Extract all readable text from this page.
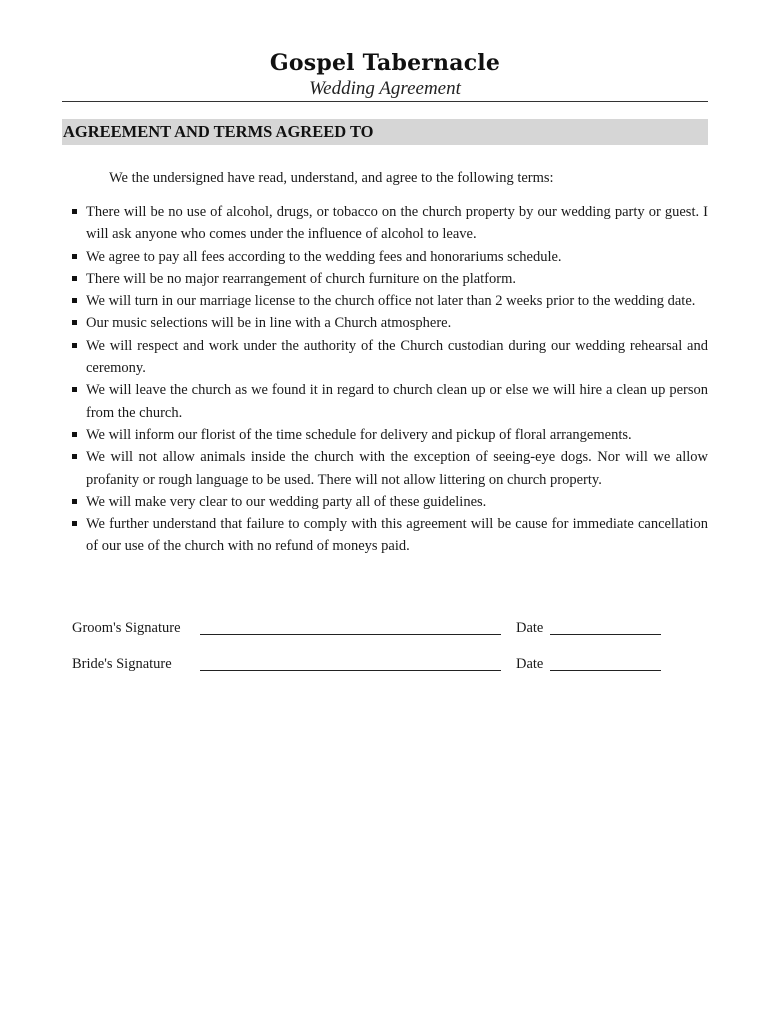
Gospel Tabernacle

Wedding Agreement

AGREEMENT AND TERMS AGREED TO

We the undersigned have read, understand, and agree to the following terms:

There will be no use of alcohol, drugs, or tobacco on the church property by our wedding party or guest. I will ask anyone who comes under the influence of alcohol to leave.
We agree to pay all fees according to the wedding fees and honorariums schedule.
There will be no major rearrangement of church furniture on the platform.
We will turn in our marriage license to the church office not later than 2 weeks prior to the wedding date.
Our music selections will be in line with a Church atmosphere.
We will respect and work under the authority of the Church custodian during our wedding rehearsal and ceremony.
We will leave the church as we found it in regard to church clean up or else we will hire a clean up person from the church.
We will inform our florist of the time schedule for delivery and pickup of floral arrangements.
We will not allow animals inside the church with the exception of seeing-eye dogs. Nor will we allow profanity or rough language to be used. There will not allow littering on church property.
We will make very clear to our wedding party all of these guidelines.
We further understand that failure to comply with this agreement will be cause for immediate cancellation of our use of the church with no refund of moneys paid.
Groom's Signature	Date
Bride's Signature	Date
